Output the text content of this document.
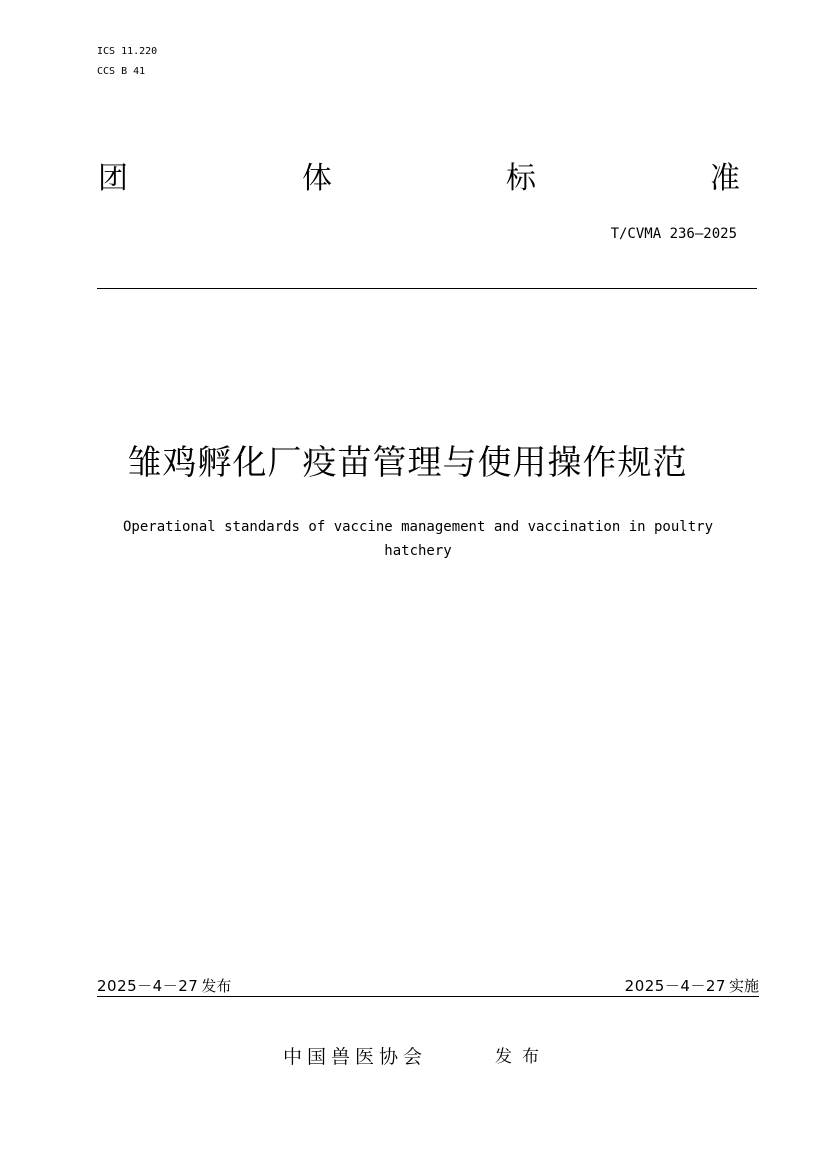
ICS 11.220
CCS B 41
团	体	标	准
T/CVMA 236—2025
雏鸡孵化厂疫苗管理与使用操作规范
Operational standards of vaccine management and vaccination in poultry hatchery
2025－4－27 发布	2025－4－27 实施
中国兽医协会	发布
